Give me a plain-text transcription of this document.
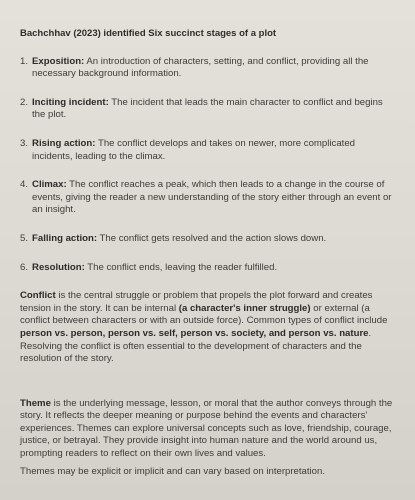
Bachchhav (2023) identified Six succinct stages of a plot
1. Exposition: An introduction of characters, setting, and conflict, providing all the necessary background information.
2. Inciting incident: The incident that leads the main character to conflict and begins the plot.
3. Rising action: The conflict develops and takes on newer, more complicated incidents, leading to the climax.
4. Climax: The conflict reaches a peak, which then leads to a change in the course of events, giving the reader a new understanding of the story either through an event or an insight.
5. Falling action: The conflict gets resolved and the action slows down.
6. Resolution: The conflict ends, leaving the reader fulfilled.

Conflict is the central struggle or problem that propels the plot forward and creates tension in the story. It can be internal (a character's inner struggle) or external (a conflict between characters or with an outside force). Common types of conflict include person vs. person, person vs. self, person vs. society, and person vs. nature. Resolving the conflict is often essential to the development of characters and the resolution of the story.

Theme is the underlying message, lesson, or moral that the author conveys through the story. It reflects the deeper meaning or purpose behind the events and characters' experiences. Themes can explore universal concepts such as love, friendship, courage, justice, or betrayal. They provide insight into human nature and the world around us, prompting readers to reflect on their own lives and values.

Themes may be explicit or implicit and can vary based on interpretation.
